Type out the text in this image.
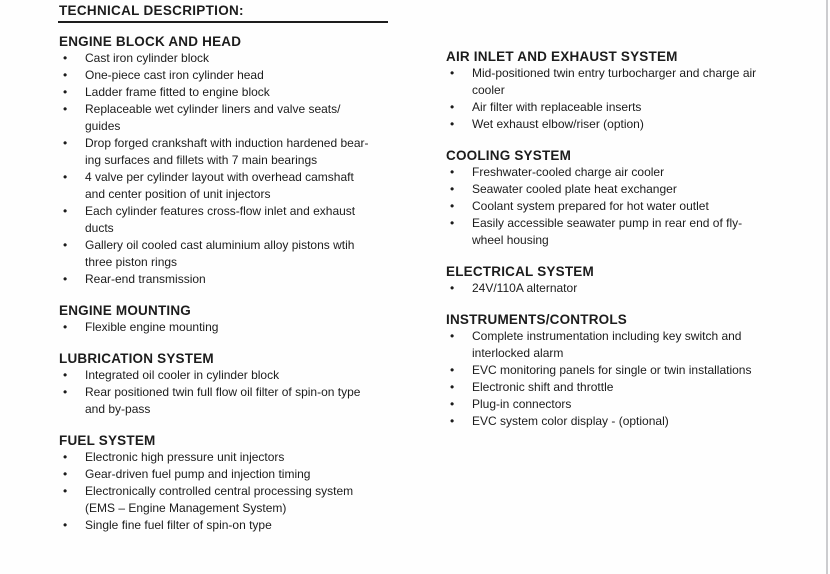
TECHNICAL DESCRIPTION:
ENGINE BLOCK AND HEAD
• Cast iron cylinder block
• One-piece cast iron cylinder head
• Ladder frame fitted to engine block
• Replaceable wet cylinder liners and valve seats/
guides
• Drop forged crankshaft with induction hardened bear-
ing surfaces and fillets with 7 main bearings
• 4 valve per cylinder layout with overhead camshaft
and center position of unit injectors
• Each cylinder features cross-flow inlet and exhaust
ducts
• Gallery oil cooled cast aluminium alloy pistons wtih
three piston rings
• Rear-end transmission
ENGINE MOUNTING
• Flexible engine mounting
LUBRICATION SYSTEM
• Integrated oil cooler in cylinder block
• Rear positioned twin full flow oil filter of spin-on type
and by-pass
FUEL SYSTEM
• Electronic high pressure unit injectors
• Gear-driven fuel pump and injection timing
• Electronically controlled central processing system
(EMS – Engine Management System)
• Single fine fuel filter of spin-on type
AIR INLET AND EXHAUST SYSTEM
• Mid-positioned twin entry turbocharger and charge air
cooler
• Air filter with replaceable inserts
• Wet exhaust elbow/riser (option)
COOLING SYSTEM
• Freshwater-cooled charge air cooler
• Seawater cooled plate heat exchanger
• Coolant system prepared for hot water outlet
• Easily accessible seawater pump in rear end of fly-
wheel housing
ELECTRICAL SYSTEM
• 24V/110A alternator
INSTRUMENTS/CONTROLS
• Complete instrumentation including key switch and
interlocked alarm
• EVC monitoring panels for single or twin installations
• Electronic shift and throttle
• Plug-in connectors
• EVC system color display - (optional)
